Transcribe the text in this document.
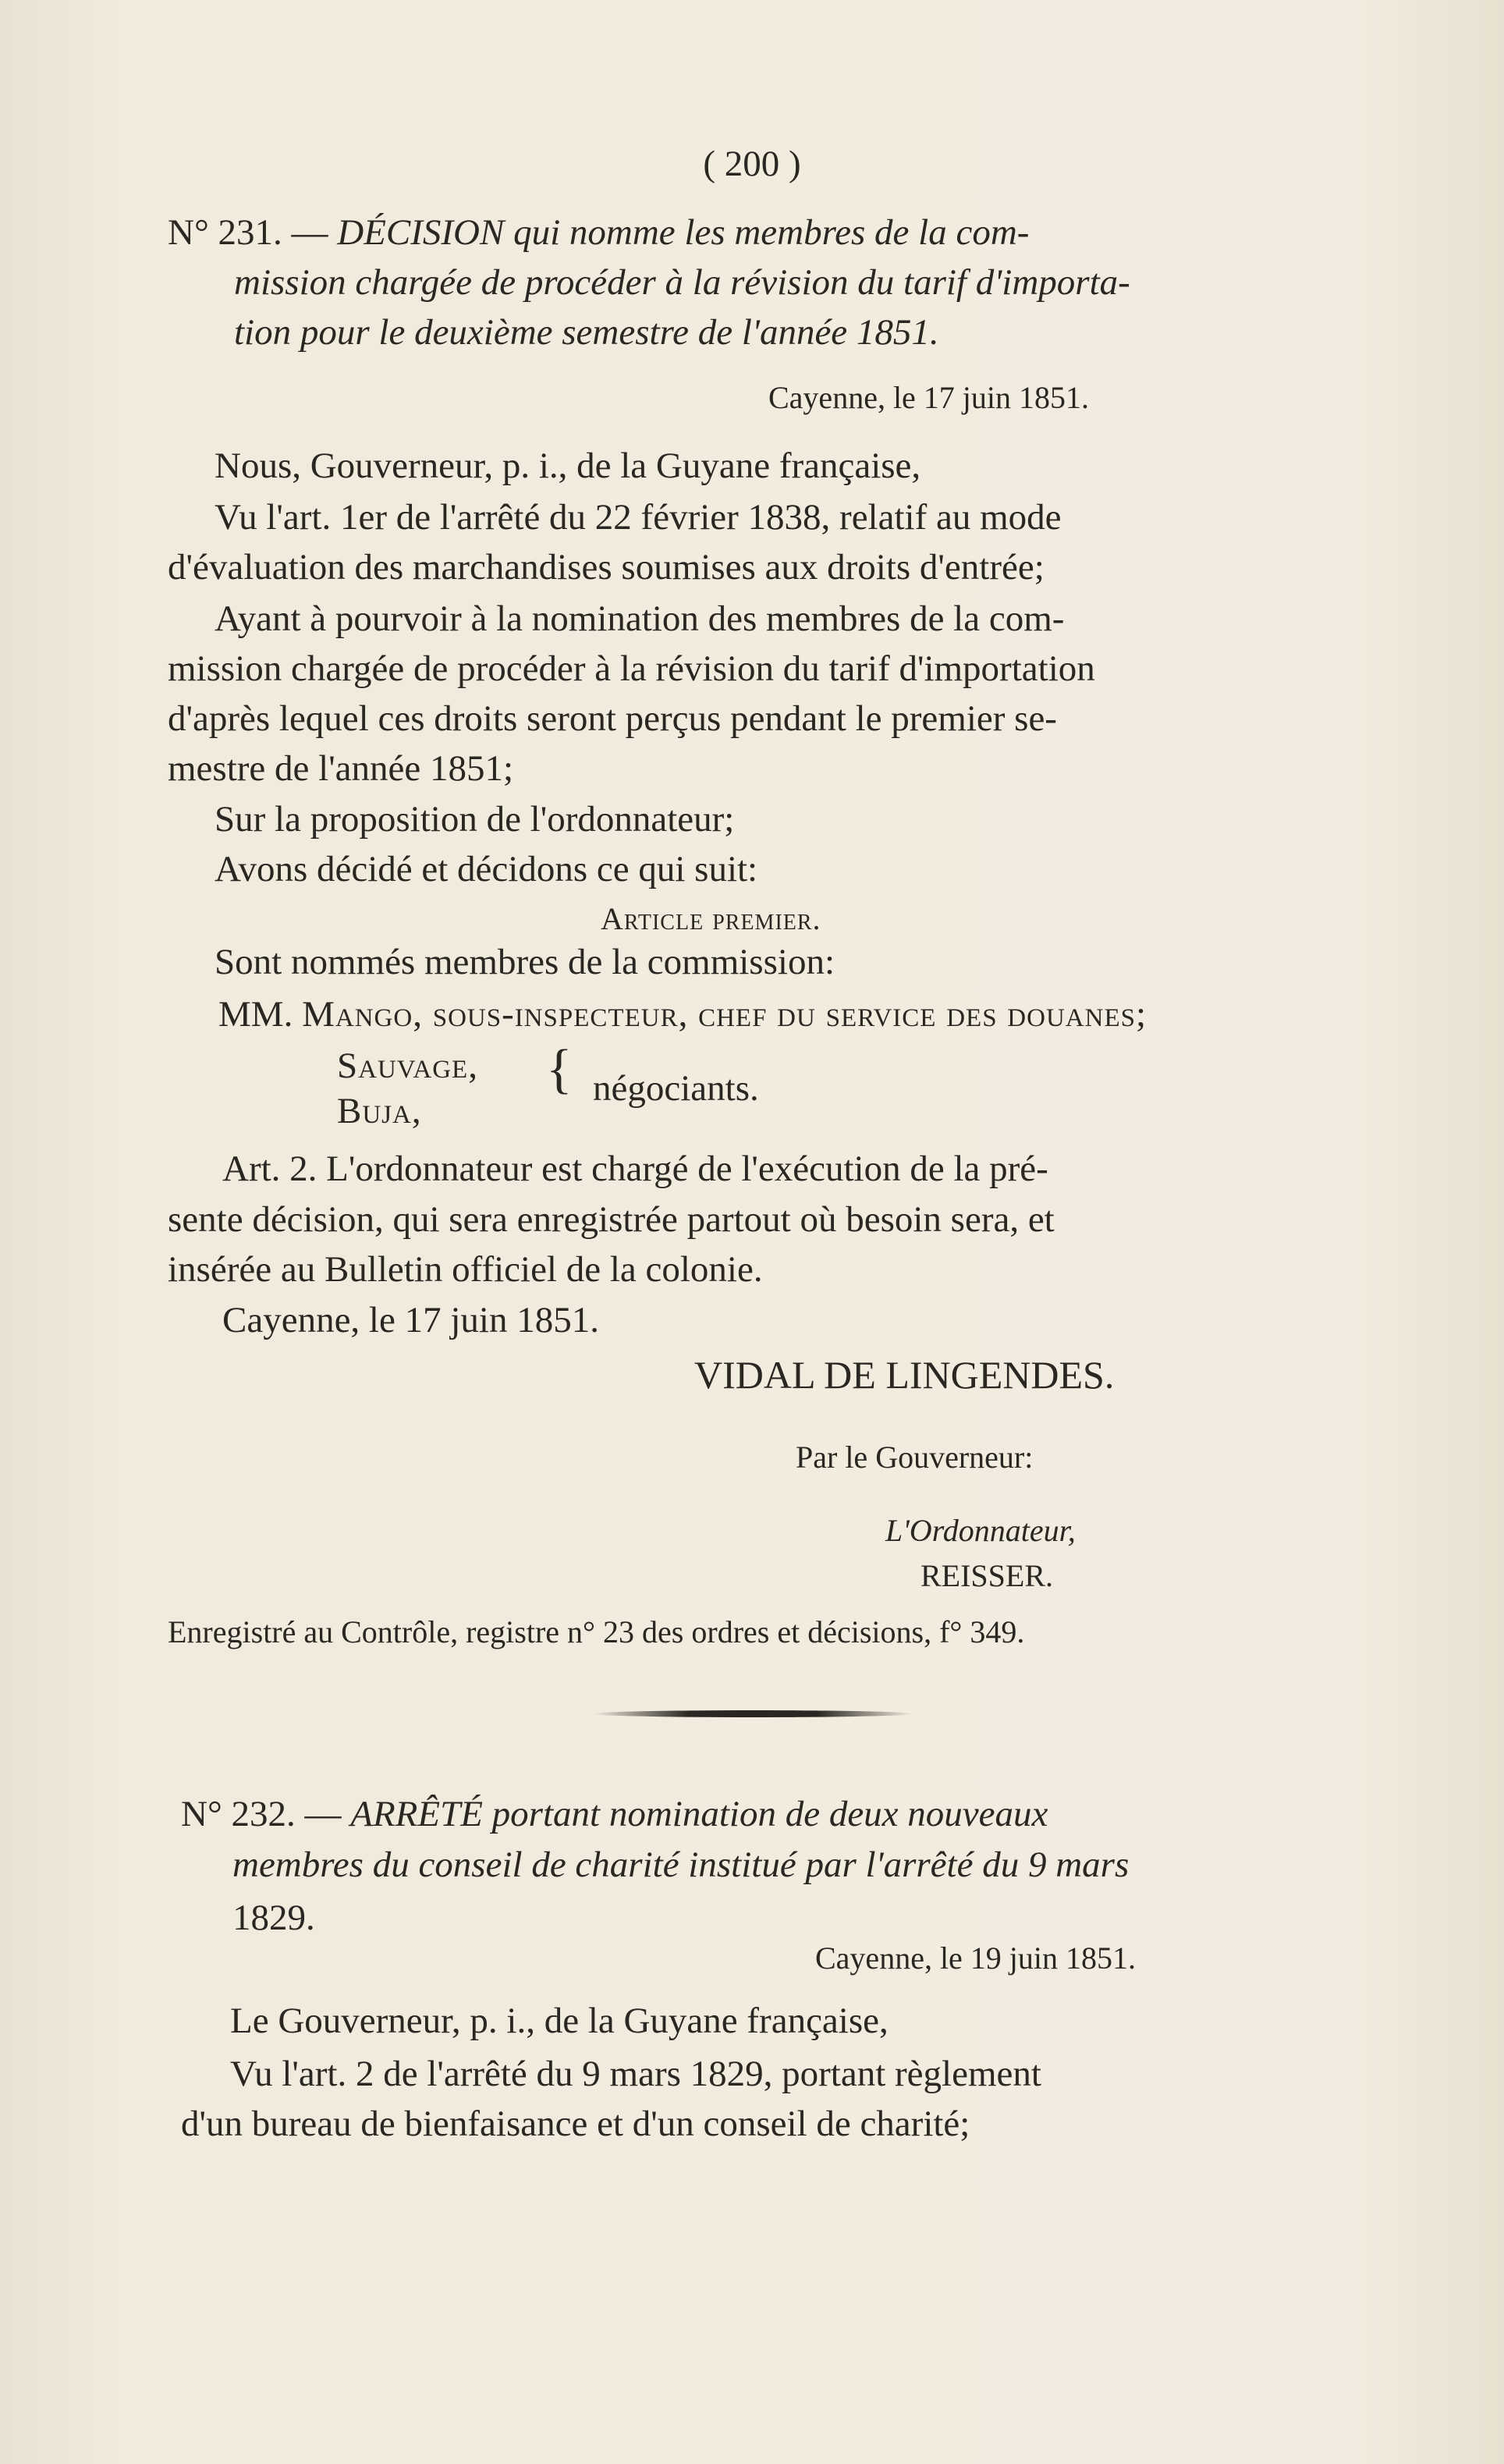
( 200 )
N° 231. — DÉCISION qui nomme les membres de la com-
mission chargée de procéder à la révision du tarif d'importa-
tion pour le deuxième semestre de l'année 1851.
Cayenne, le 17 juin 1851.
Nous, Gouverneur, p. i., de la Guyane française,
Vu l'art. 1er de l'arrêté du 22 février 1838, relatif au mode
d'évaluation des marchandises soumises aux droits d'entrée;
Ayant à pourvoir à la nomination des membres de la com-
mission chargée de procéder à la révision du tarif d'importation
d'après lequel ces droits seront perçus pendant le premier se-
mestre de l'année 1851;
Sur la proposition de l'ordonnateur;
Avons décidé et décidons ce qui suit:
Article premier.
Sont nommés membres de la commission:
MM. Mango, sous-inspecteur, chef du service des douanes;
Sauvage,
Buja,
{ négociants.
Art. 2. L'ordonnateur est chargé de l'exécution de la pré-
sente décision, qui sera enregistrée partout où besoin sera, et
insérée au Bulletin officiel de la colonie.
Cayenne, le 17 juin 1851.
VIDAL DE LINGENDES.
Par le Gouverneur:
L'Ordonnateur,
REISSER.
Enregistré au Contrôle, registre n° 23 des ordres et décisions, f° 349.
N° 232. — ARRÊTÉ portant nomination de deux nouveaux
membres du conseil de charité institué par l'arrêté du 9 mars
1829.
Cayenne, le 19 juin 1851.
Le Gouverneur, p. i., de la Guyane française,
Vu l'art. 2 de l'arrêté du 9 mars 1829, portant règlement
d'un bureau de bienfaisance et d'un conseil de charité;
